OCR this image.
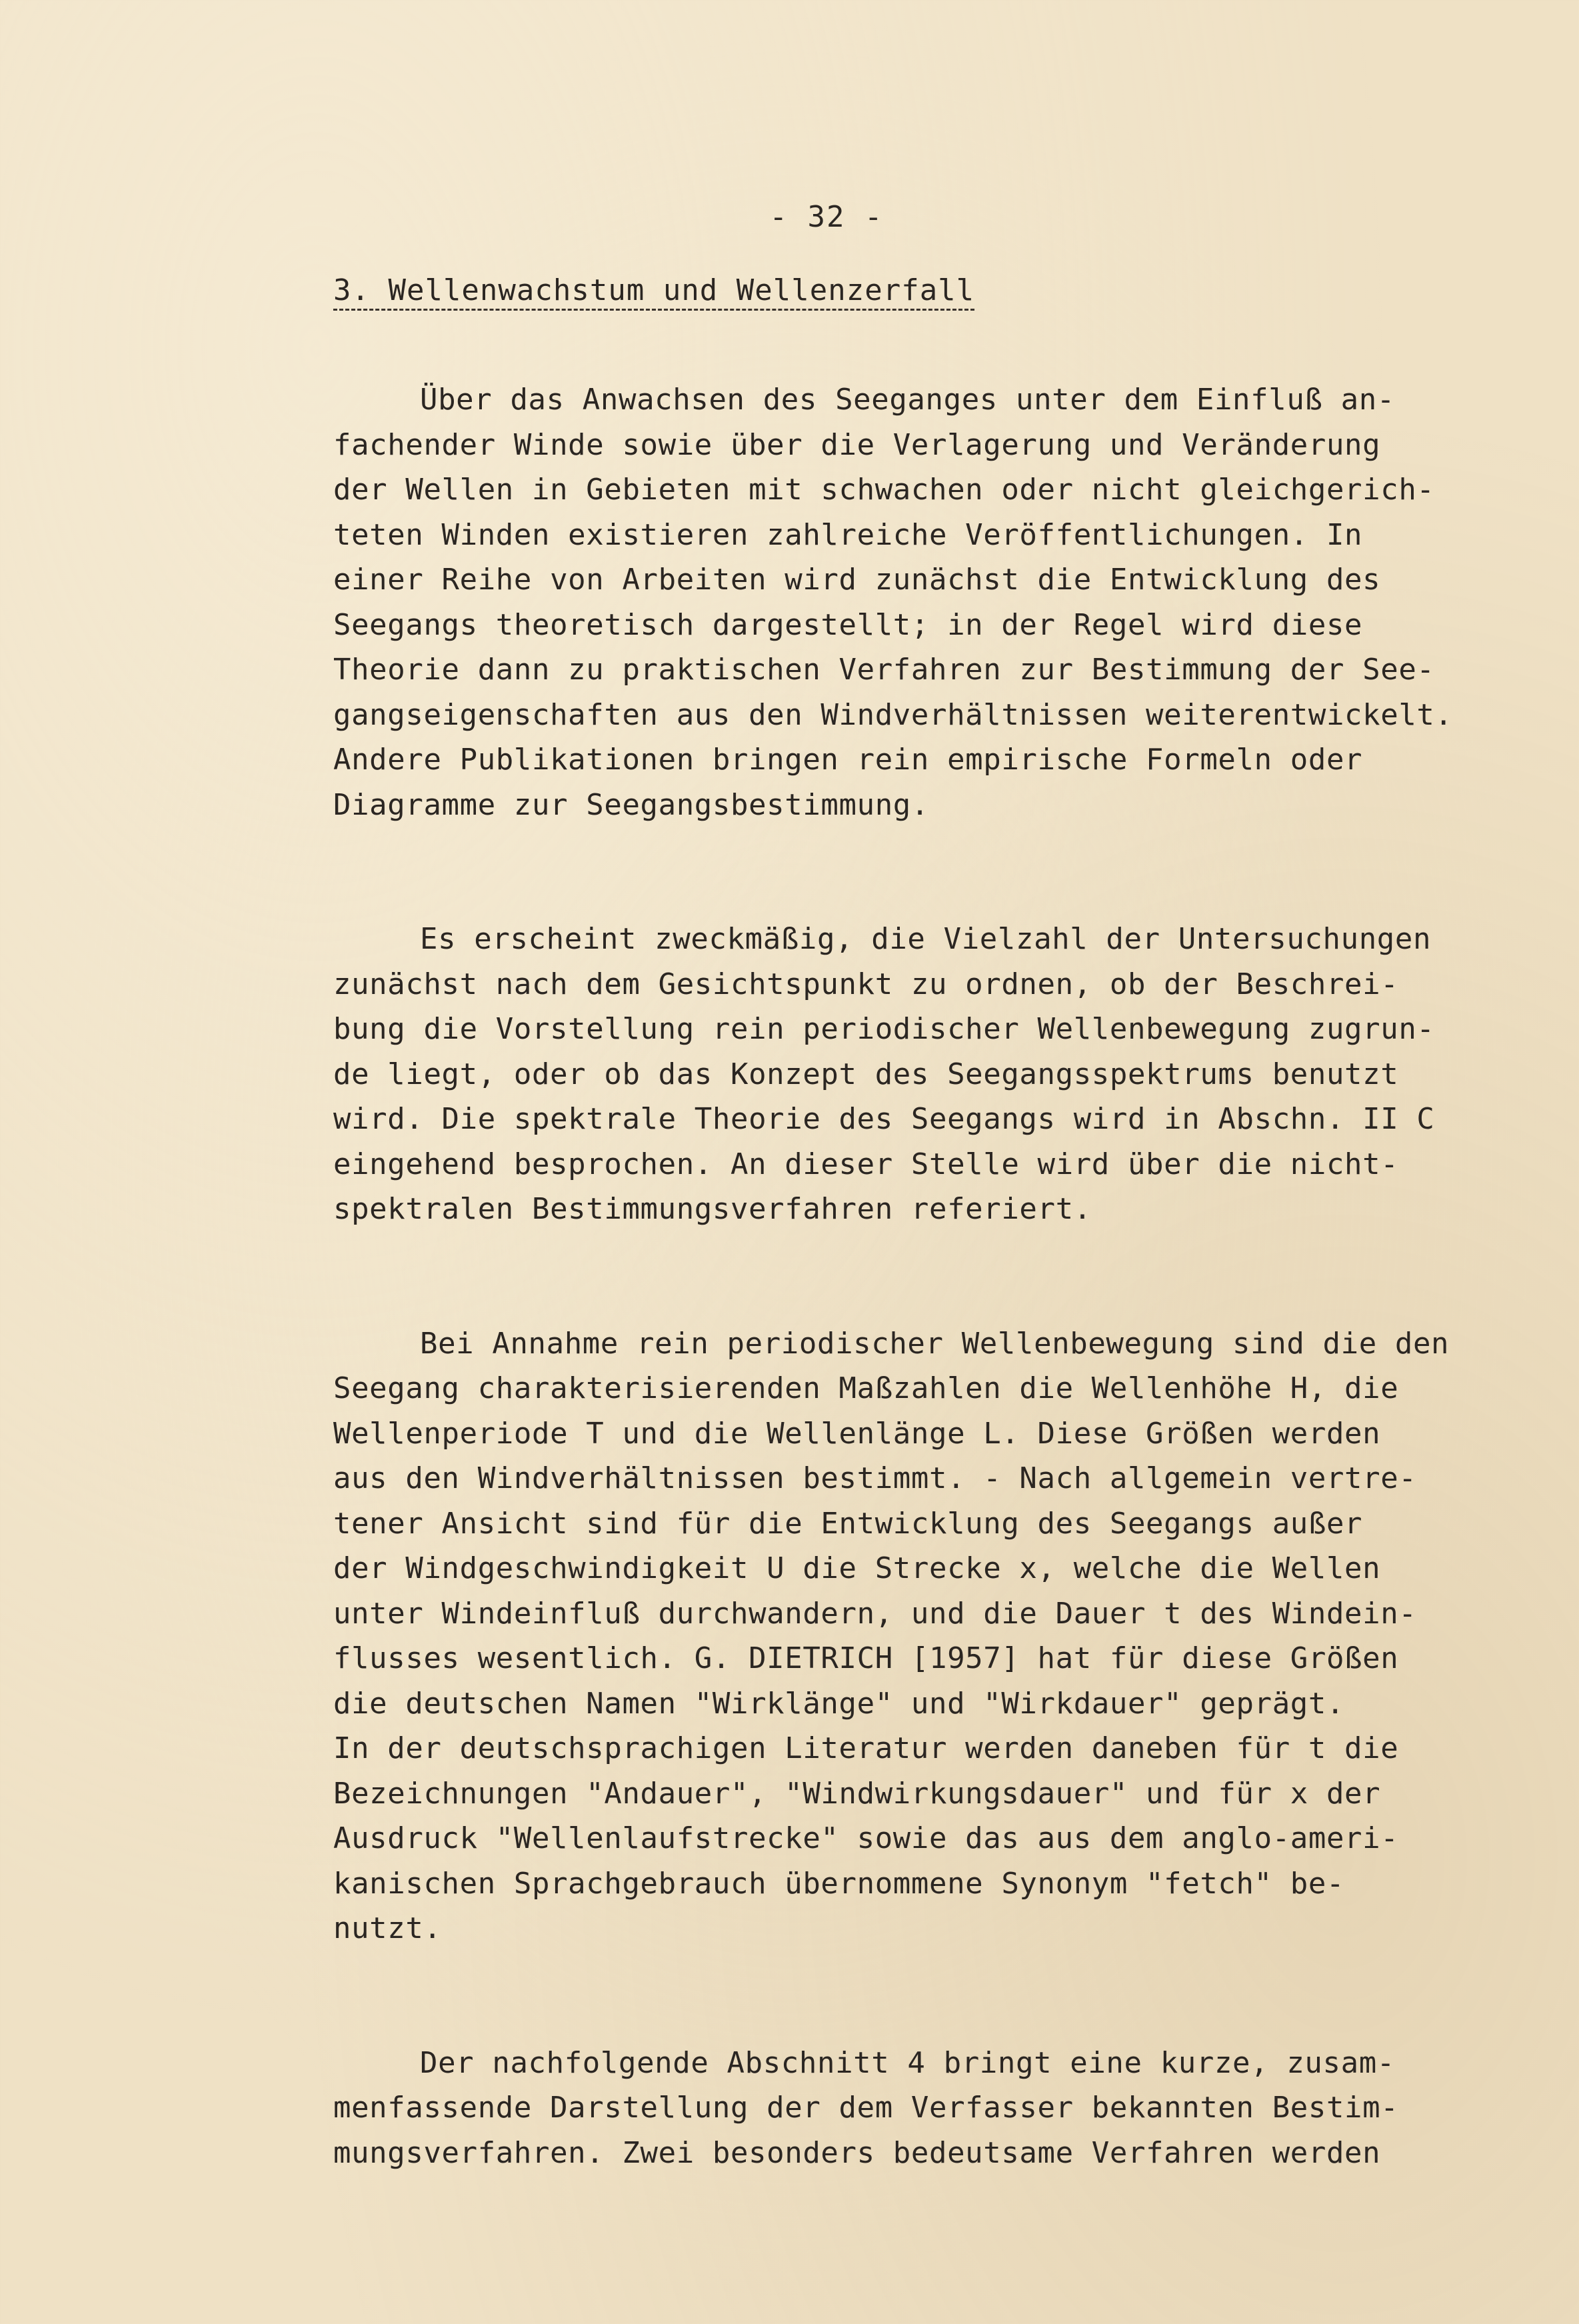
- 32 -
3. Wellenwachstum und Wellenzerfall
Über das Anwachsen des Seeganges unter dem Einfluß an-
fachender Winde sowie über die Verlagerung und Veränderung
der Wellen in Gebieten mit schwachen oder nicht gleichgerich-
teten Winden existieren zahlreiche Veröffentlichungen. In
einer Reihe von Arbeiten wird zunächst die Entwicklung des
Seegangs theoretisch dargestellt; in der Regel wird diese
Theorie dann zu praktischen Verfahren zur Bestimmung der See-
gangseigenschaften aus den Windverhältnissen weiterentwickelt.
Andere Publikationen bringen rein empirische Formeln oder
Diagramme zur Seegangsbestimmung.
Es erscheint zweckmäßig, die Vielzahl der Untersuchungen
zunächst nach dem Gesichtspunkt zu ordnen, ob der Beschrei-
bung die Vorstellung rein periodischer Wellenbewegung zugrun-
de liegt, oder ob das Konzept des Seegangsspektrums benutzt
wird. Die spektrale Theorie des Seegangs wird in Abschn. II C
eingehend besprochen. An dieser Stelle wird über die nicht-
spektralen Bestimmungsverfahren referiert.
Bei Annahme rein periodischer Wellenbewegung sind die den
Seegang charakterisierenden Maßzahlen die Wellenhöhe H, die
Wellenperiode T und die Wellenlänge L. Diese Größen werden
aus den Windverhältnissen bestimmt. - Nach allgemein vertre-
tener Ansicht sind für die Entwicklung des Seegangs außer
der Windgeschwindigkeit U die Strecke x, welche die Wellen
unter Windeinfluß durchwandern, und die Dauer t des Windein-
flusses wesentlich. G. DIETRICH [1957] hat für diese Größen
die deutschen Namen "Wirklänge" und "Wirkdauer" geprägt.
In der deutschsprachigen Literatur werden daneben für t die
Bezeichnungen "Andauer", "Windwirkungsdauer" und für x der
Ausdruck "Wellenlaufstrecke" sowie das aus dem anglo-ameri-
kanischen Sprachgebrauch übernommene Synonym "fetch" be-
nutzt.
Der nachfolgende Abschnitt 4 bringt eine kurze, zusam-
menfassende Darstellung der dem Verfasser bekannten Bestim-
mungsverfahren. Zwei besonders bedeutsame Verfahren werden
